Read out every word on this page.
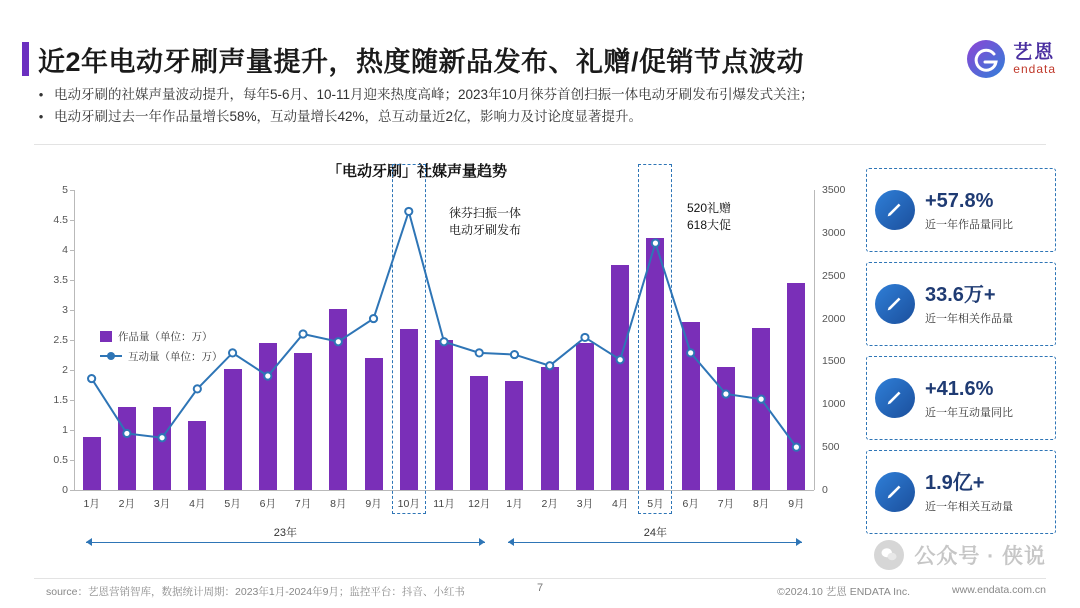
近2年电动牙刷声量提升，热度随新品发布、礼赠/促销节点波动	艺恩
endata
• 电动牙刷的社媒声量波动提升，每年5-6月、10-11月迎来热度高峰；2023年10月徕芬首创扫振一体电动牙刷发布引爆发式关注；
• 电动牙刷过去一年作品量增长58%，互动量增长42%，总互动量近2亿，影响力及讨论度显著提升。
「电动牙刷」社媒声量趋势
作品量（单位：万）
互动量（单位：万）
0
0.5
1
1.5
2
2.5
3
3.5
4
4.5
5
0
500
1000
1500
2000
2500
3000
3500
1月 2月 3月 4月 5月 6月 7月 8月 9月 10月 11月 12月 1月 2月 3月 4月 5月 6月 7月 8月 9月
23年	24年
徕芬扫振一体
电动牙刷发布
520礼赠
618大促
+57.8%
近一年作品量同比
33.6万+
近一年相关作品量
+41.6%
近一年互动量同比
1.9亿+
近一年相关互动量
公众号 · 侠说
source：艺恩营销智库，数据统计周期：2023年1月-2024年9月；监控平台：抖音、小红书	7	©2024.10 艺恩 ENDATA Inc.	www.endata.com.cn
